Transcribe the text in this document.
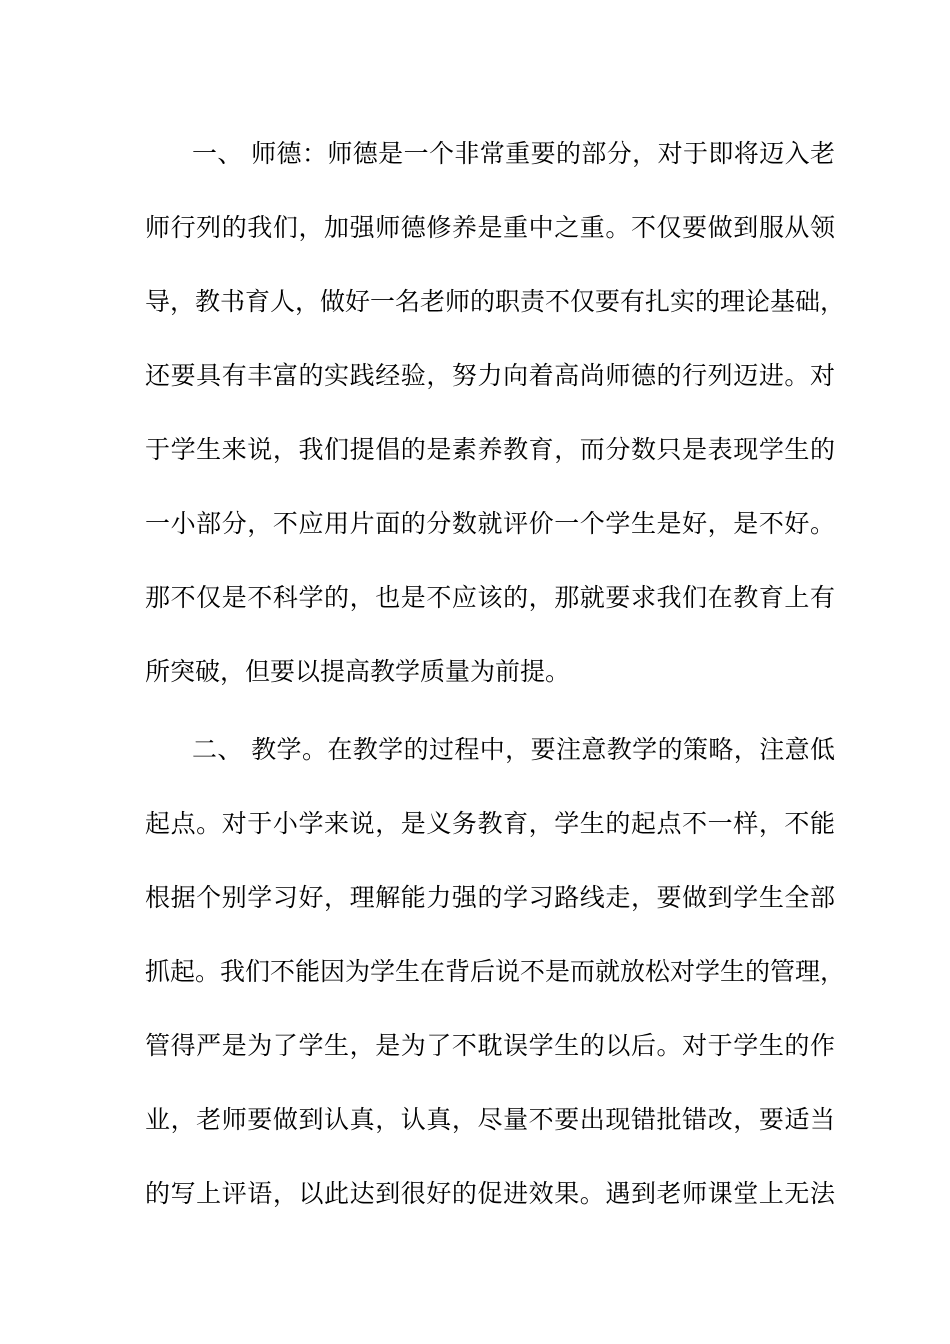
一、 师德：师德是一个非常重要的部分，对于即将迈入老
师行列的我们，加强师德修养是重中之重。不仅要做到服从领
导，教书育人，做好一名老师的职责不仅要有扎实的理论基础，
还要具有丰富的实践经验，努力向着高尚师德的行列迈进。对
于学生来说，我们提倡的是素养教育，而分数只是表现学生的
一小部分，不应用片面的分数就评价一个学生是好，是不好。
那不仅是不科学的，也是不应该的，那就要求我们在教育上有
所突破，但要以提高教学质量为前提。
二、 教学。在教学的过程中，要注意教学的策略，注意低
起点。对于小学来说，是义务教育，学生的起点不一样，不能
根据个别学习好，理解能力强的学习路线走，要做到学生全部
抓起。我们不能因为学生在背后说不是而就放松对学生的管理，
管得严是为了学生，是为了不耽误学生的以后。对于学生的作
业，老师要做到认真，认真，尽量不要出现错批错改，要适当
的写上评语，以此达到很好的促进效果。遇到老师课堂上无法
